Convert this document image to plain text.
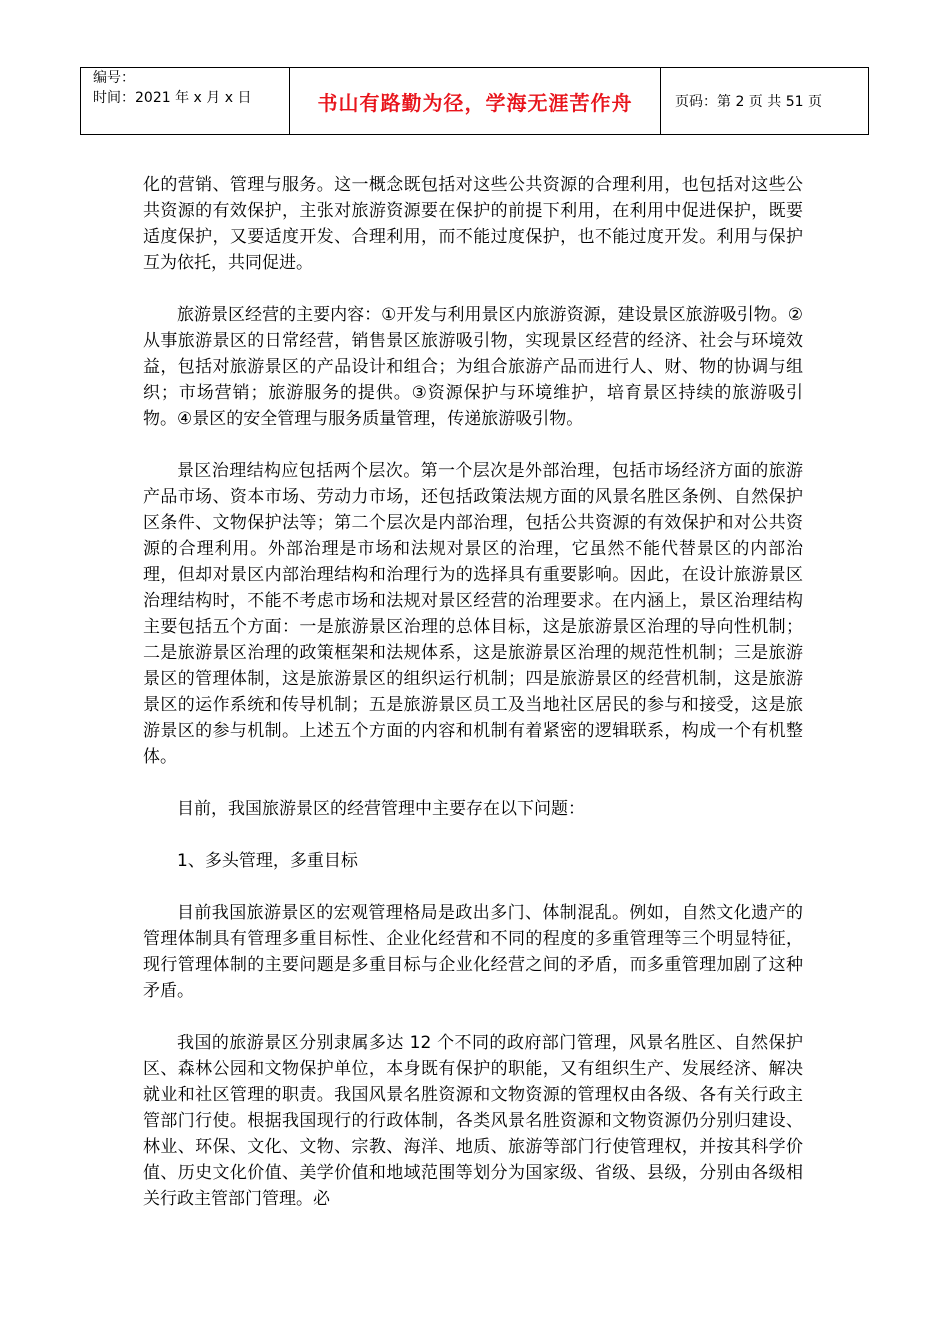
编号：
时间：2021 年 x 月 x 日	书山有路勤为径，学海无涯苦作舟	页码：第 2 页 共 51 页

化的营销、管理与服务。这一概念既包括对这些公共资源的合理利用，也包括对这些公共资源的有效保护，主张对旅游资源要在保护的前提下利用，在利用中促进保护，既要适度保护，又要适度开发、合理利用，而不能过度保护，也不能过度开发。利用与保护互为依托，共同促进。

旅游景区经营的主要内容：①开发与利用景区内旅游资源，建设景区旅游吸引物。②从事旅游景区的日常经营，销售景区旅游吸引物，实现景区经营的经济、社会与环境效益，包括对旅游景区的产品设计和组合；为组合旅游产品而进行人、财、物的协调与组织；市场营销；旅游服务的提供。③资源保护与环境维护，培育景区持续的旅游吸引物。④景区的安全管理与服务质量管理，传递旅游吸引物。

景区治理结构应包括两个层次。第一个层次是外部治理，包括市场经济方面的旅游产品市场、资本市场、劳动力市场，还包括政策法规方面的风景名胜区条例、自然保护区条件、文物保护法等；第二个层次是内部治理，包括公共资源的有效保护和对公共资源的合理利用。外部治理是市场和法规对景区的治理，它虽然不能代替景区的内部治理，但却对景区内部治理结构和治理行为的选择具有重要影响。因此，在设计旅游景区治理结构时，不能不考虑市场和法规对景区经营的治理要求。在内涵上，景区治理结构主要包括五个方面：一是旅游景区治理的总体目标，这是旅游景区治理的导向性机制；二是旅游景区治理的政策框架和法规体系，这是旅游景区治理的规范性机制；三是旅游景区的管理体制，这是旅游景区的组织运行机制；四是旅游景区的经营机制，这是旅游景区的运作系统和传导机制；五是旅游景区员工及当地社区居民的参与和接受，这是旅游景区的参与机制。上述五个方面的内容和机制有着紧密的逻辑联系，构成一个有机整体。

目前，我国旅游景区的经营管理中主要存在以下问题：

1、多头管理，多重目标

目前我国旅游景区的宏观管理格局是政出多门、体制混乱。例如，自然文化遗产的管理体制具有管理多重目标性、企业化经营和不同的程度的多重管理等三个明显特征，现行管理体制的主要问题是多重目标与企业化经营之间的矛盾，而多重管理加剧了这种矛盾。

我国的旅游景区分别隶属多达 12 个不同的政府部门管理，风景名胜区、自然保护区、森林公园和文物保护单位，本身既有保护的职能，又有组织生产、发展经济、解决就业和社区管理的职责。我国风景名胜资源和文物资源的管理权由各级、各有关行政主管部门行使。根据我国现行的行政体制，各类风景名胜资源和文物资源仍分别归建设、林业、环保、文化、文物、宗教、海洋、地质、旅游等部门行使管理权，并按其科学价值、历史文化价值、美学价值和地域范围等划分为国家级、省级、县级，分别由各级相关行政主管部门管理。必
